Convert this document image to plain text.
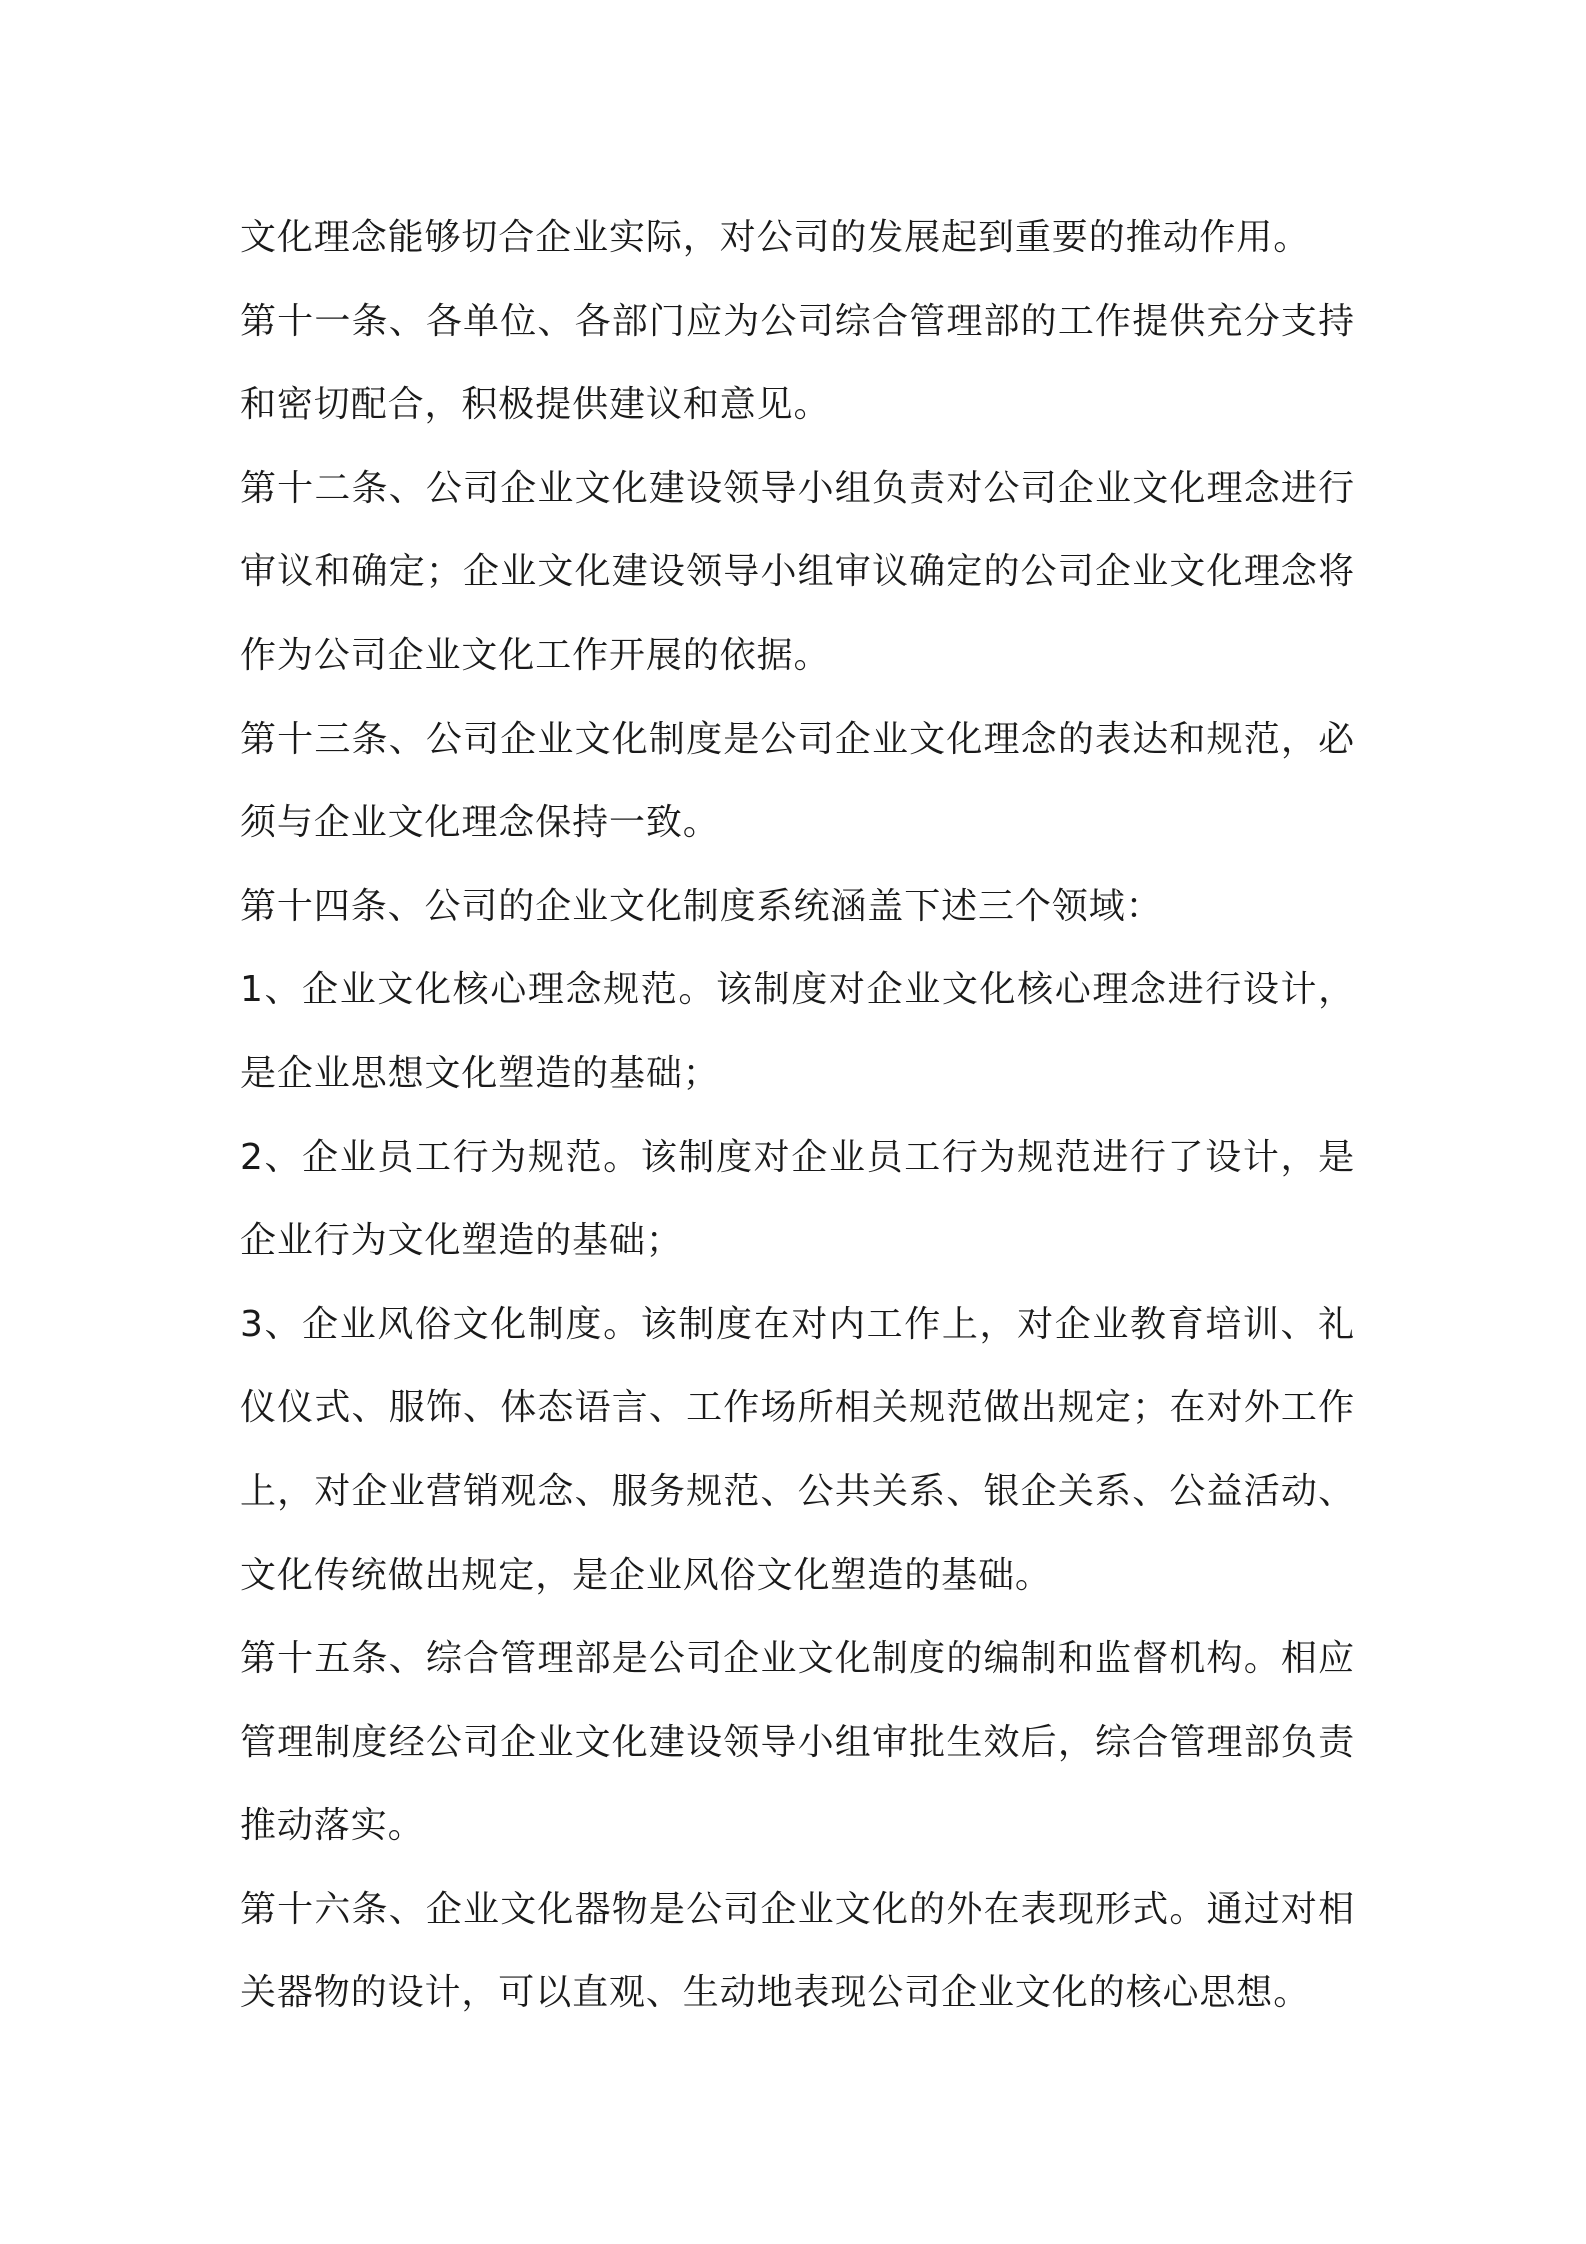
文化理念能够切合企业实际，对公司的发展起到重要的推动作用。
第十一条、各单位、各部门应为公司综合管理部的工作提供充分支持
和密切配合，积极提供建议和意见。
第十二条、公司企业文化建设领导小组负责对公司企业文化理念进行
审议和确定；企业文化建设领导小组审议确定的公司企业文化理念将
作为公司企业文化工作开展的依据。
第十三条、公司企业文化制度是公司企业文化理念的表达和规范，必
须与企业文化理念保持一致。
第十四条、公司的企业文化制度系统涵盖下述三个领域：
1、企业文化核心理念规范。该制度对企业文化核心理念进行设计，
是企业思想文化塑造的基础；
2、企业员工行为规范。该制度对企业员工行为规范进行了设计，是
企业行为文化塑造的基础；
3、企业风俗文化制度。该制度在对内工作上，对企业教育培训、礼
仪仪式、服饰、体态语言、工作场所相关规范做出规定；在对外工作
上，对企业营销观念、服务规范、公共关系、银企关系、公益活动、
文化传统做出规定，是企业风俗文化塑造的基础。
第十五条、综合管理部是公司企业文化制度的编制和监督机构。相应
管理制度经公司企业文化建设领导小组审批生效后，综合管理部负责
推动落实。
第十六条、企业文化器物是公司企业文化的外在表现形式。通过对相
关器物的设计，可以直观、生动地表现公司企业文化的核心思想。
